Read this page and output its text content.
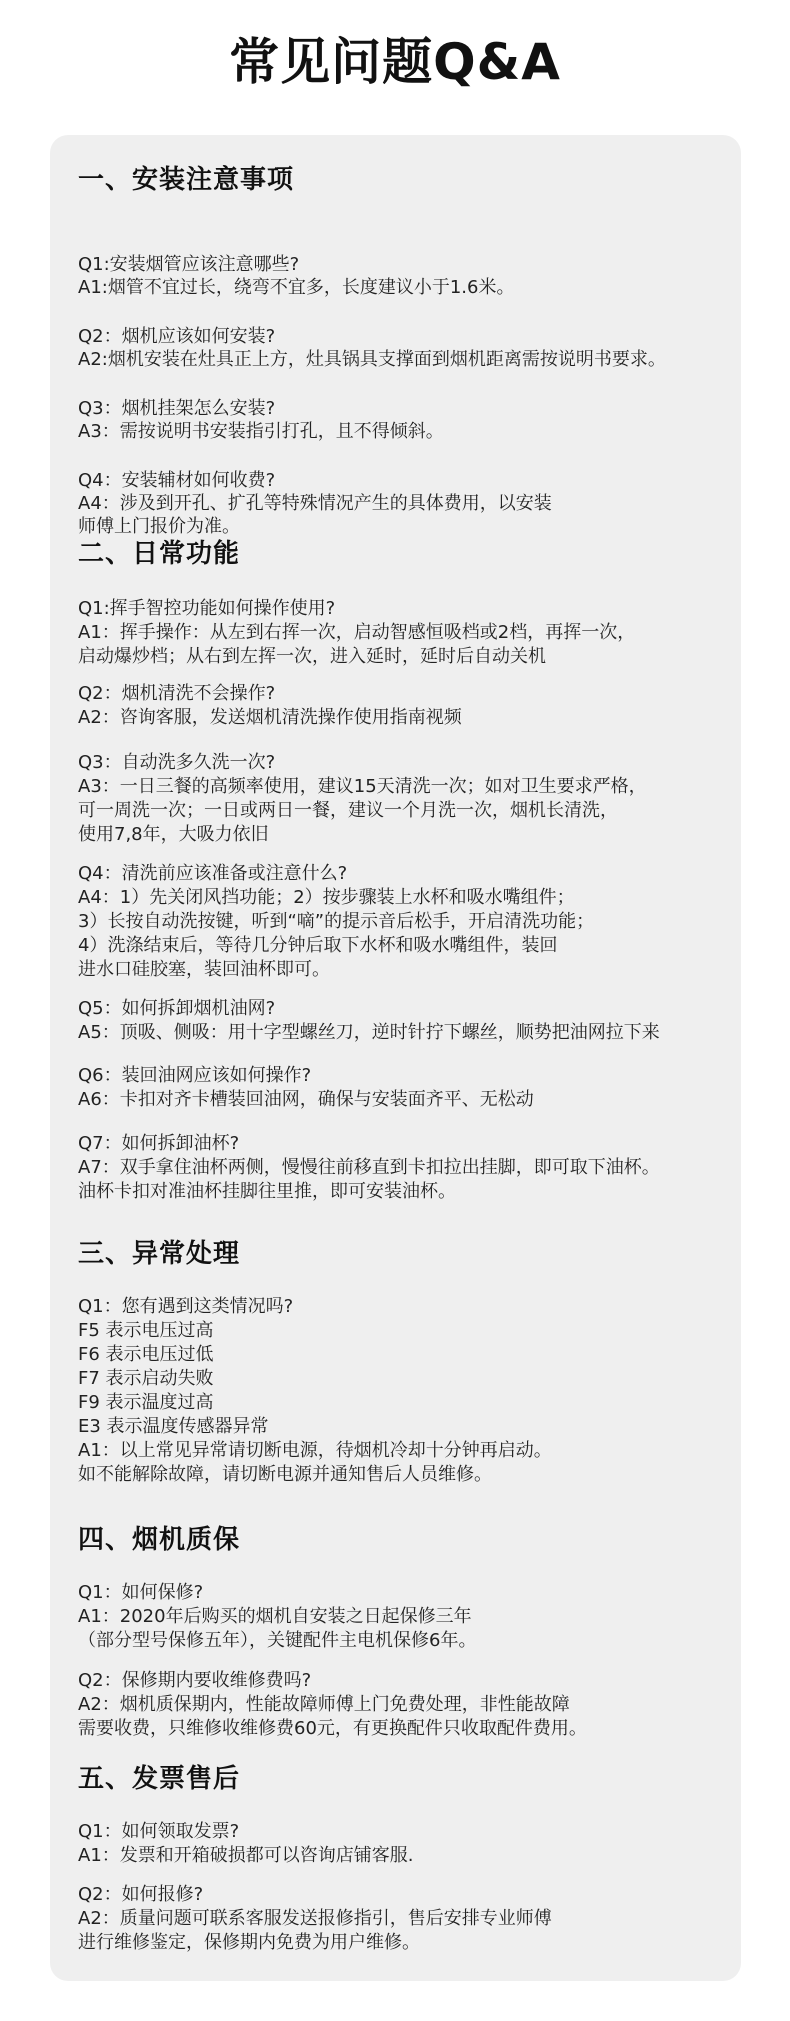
常见问题Q&A
一、安装注意事项
Q1:安装烟管应该注意哪些?
A1:烟管不宜过长，绕弯不宜多，长度建议小于1.6米。
Q2：烟机应该如何安装?
A2:烟机安装在灶具正上方，灶具锅具支撑面到烟机距离需按说明书要求。
Q3：烟机挂架怎么安装?
A3：需按说明书安装指引打孔，且不得倾斜。
Q4：安装辅材如何收费?
A4：涉及到开孔、扩孔等特殊情况产生的具体费用，以安装
师傅上门报价为准。
二、日常功能
Q1:挥手智控功能如何操作使用?
A1：挥手操作：从左到右挥一次，启动智感恒吸档或2档，再挥一次，
启动爆炒档；从右到左挥一次，进入延时，延时后自动关机
Q2：烟机清洗不会操作?
A2：咨询客服，发送烟机清洗操作使用指南视频
Q3：自动洗多久洗一次?
A3：一日三餐的高频率使用，建议15天清洗一次；如对卫生要求严格，
可一周洗一次；一日或两日一餐，建议一个月洗一次，烟机长清洗，
使用7,8年，大吸力依旧
Q4：清洗前应该准备或注意什么?
A4：1）先关闭风挡功能；2）按步骤装上水杯和吸水嘴组件；
3）长按自动洗按键，听到“嘀”的提示音后松手，开启清洗功能；
4）洗涤结束后，等待几分钟后取下水杯和吸水嘴组件，装回
进水口硅胶塞，装回油杯即可。
Q5：如何拆卸烟机油网?
A5：顶吸、侧吸：用十字型螺丝刀，逆时针拧下螺丝，顺势把油网拉下来
Q6：装回油网应该如何操作?
A6：卡扣对齐卡槽装回油网，确保与安装面齐平、无松动
Q7：如何拆卸油杯?
A7：双手拿住油杯两侧，慢慢往前移直到卡扣拉出挂脚，即可取下油杯。
油杯卡扣对准油杯挂脚往里推，即可安装油杯。
三、异常处理
Q1：您有遇到这类情况吗?
F5 表示电压过高
F6 表示电压过低
F7 表示启动失败
F9 表示温度过高
E3 表示温度传感器异常
A1：以上常见异常请切断电源，待烟机冷却十分钟再启动。
如不能解除故障，请切断电源并通知售后人员维修。
四、烟机质保
Q1：如何保修?
A1：2020年后购买的烟机自安装之日起保修三年
（部分型号保修五年），关键配件主电机保修6年。
Q2：保修期内要收维修费吗?
A2：烟机质保期内，性能故障师傅上门免费处理，非性能故障
需要收费，只维修收维修费60元，有更换配件只收取配件费用。
五、发票售后
Q1：如何领取发票?
A1：发票和开箱破损都可以咨询店铺客服.
Q2：如何报修?
A2：质量问题可联系客服发送报修指引，售后安排专业师傅
进行维修鉴定，保修期内免费为用户维修。
